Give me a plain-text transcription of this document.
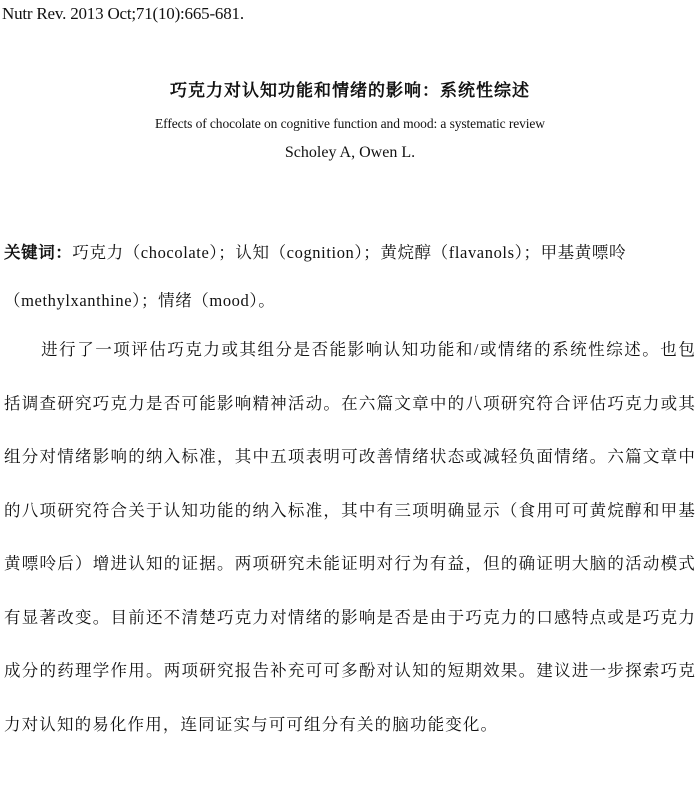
Nutr Rev. 2013 Oct;71(10):665-681.
巧克力对认知功能和情绪的影响：系统性综述
Effects of chocolate on cognitive function and mood: a systematic review
Scholey A, Owen L.
关键词：巧克力（chocolate）；认知（cognition）；黄烷醇（flavanols）；甲基黄嘌呤（methylxanthine）；情绪（mood）。

进行了一项评估巧克力或其组分是否能影响认知功能和/或情绪的系统性综述。也包括调查研究巧克力是否可能影响精神活动。在六篇文章中的八项研究符合评估巧克力或其组分对情绪影响的纳入标准，其中五项表明可改善情绪状态或减轻负面情绪。六篇文章中的八项研究符合关于认知功能的纳入标准，其中有三项明确显示（食用可可黄烷醇和甲基黄嘌呤后）增进认知的证据。两项研究未能证明对行为有益，但的确证明大脑的活动模式有显著改变。目前还不清楚巧克力对情绪的影响是否是由于巧克力的口感特点或是巧克力成分的药理学作用。两项研究报告补充可可多酚对认知的短期效果。建议进一步探索巧克力对认知的易化作用，连同证实与可可组分有关的脑功能变化。
